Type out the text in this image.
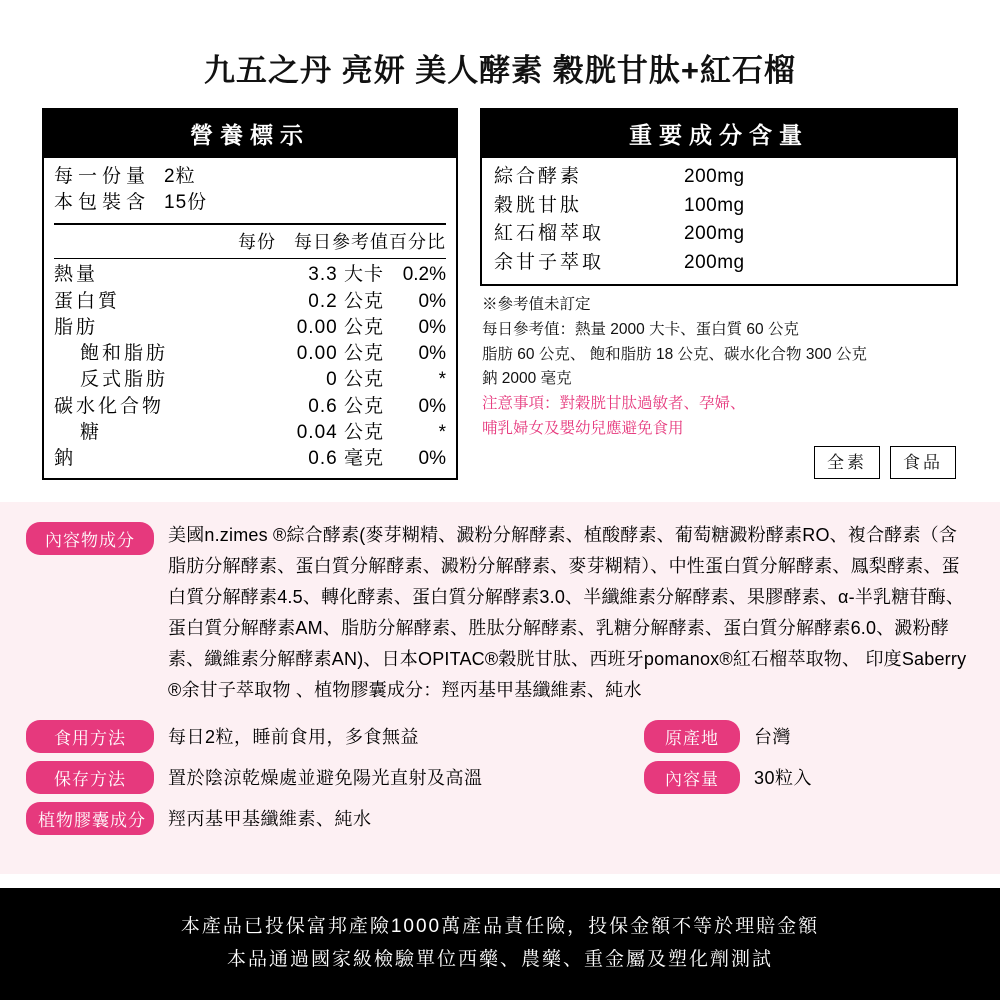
九五之丹 亮妍 美人酵素 穀胱甘肽+紅石榴
營養標示
每一份量 2粒
本包裝含 15份
每份 每日參考值百分比
熱量	3.3 大卡 0.2%
蛋白質	0.2 公克	0%
脂肪	0.00 公克	0%
飽和脂肪	0.00 公克	0%
反式脂肪	0 公克	*
碳水化合物	0.6 公克	0%
糖	0.04 公克	*
鈉	0.6 毫克	0%
重要成分含量
綜合酵素	200mg
穀胱甘肽	100mg
紅石榴萃取	200mg
余甘子萃取	200mg
※參考值未訂定
每日參考值：熱量 2000 大卡、蛋白質 60 公克
脂肪 60 公克、 飽和脂肪 18 公克、碳水化合物 300 公克
鈉 2000 毫克
注意事項：對穀胱甘肽過敏者、孕婦、
哺乳婦女及嬰幼兒應避免食用
全素	食品
內容物成分	美國n.zimes ®綜合酵素(麥芽糊精、澱粉分解酵素、植酸酵素、葡萄糖澱粉酵素RO、複合酵素（含脂肪分解酵素、蛋白質分解酵素、澱粉分解酵素、麥芽糊精）、中性蛋白質分解酵素、鳳梨酵素、蛋白質分解酵素4.5、轉化酵素、蛋白質分解酵素3.0、半纖維素分解酵素、果膠酵素、α-半乳糖苷酶、蛋白質分解酵素AM、脂肪分解酵素、胜肽分解酵素、乳糖分解酵素、蛋白質分解酵素6.0、澱粉酵素、纖維素分解酵素AN)、日本OPITAC®穀胱甘肽、西班牙pomanox®紅石榴萃取物、 印度Saberry ®余甘子萃取物 、植物膠囊成分：羥丙基甲基纖維素、純水
食用方法	每日2粒，睡前食用，多食無益
保存方法	置於陰涼乾燥處並避免陽光直射及高溫
植物膠囊成分	羥丙基甲基纖維素、純水
原產地	台灣
內容量	30粒入
本產品已投保富邦產險1000萬產品責任險，投保金額不等於理賠金額
本品通過國家級檢驗單位西藥、農藥、重金屬及塑化劑測試
